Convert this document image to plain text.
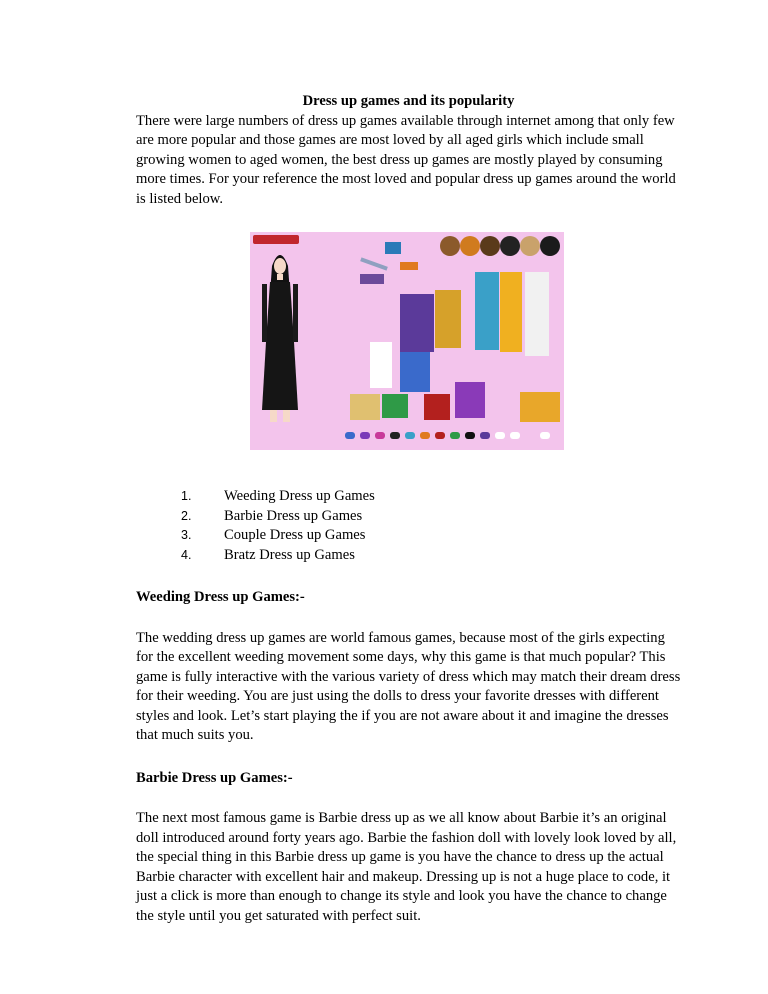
Dress up games and its popularity

There were large numbers of dress up games available through internet among that only few are more popular and those games are most loved by all aged girls which include small growing women to aged women, the best dress up games are mostly played by consuming more times. For your reference the most loved and popular dress up games around the world is listed below.

1.	Weeding Dress up Games
2.	Barbie Dress up Games
3.	Couple Dress up Games
4.	Bratz Dress up Games

Weeding Dress up Games:-

The wedding dress up games are world famous games, because most of the girls expecting for the excellent weeding movement some days, why this game is that much popular? This game is fully interactive with the various variety of dress which may match their dream dress for their weeding. You are just using the dolls to dress your favorite dresses with different styles and look. Let’s start playing the if you are not aware about it and imagine the dresses that much suits you.

Barbie Dress up Games:-

The next most famous game is Barbie dress up as we all know about Barbie it’s an original doll introduced around forty years ago. Barbie the fashion doll with lovely look loved by all, the special thing in this Barbie dress up game is you have the chance to dress up the actual Barbie character with excellent hair and makeup. Dressing up is not a huge place to code, it just a click is more than enough to change its style and look you have the chance to change the style until you get saturated with perfect suit.
